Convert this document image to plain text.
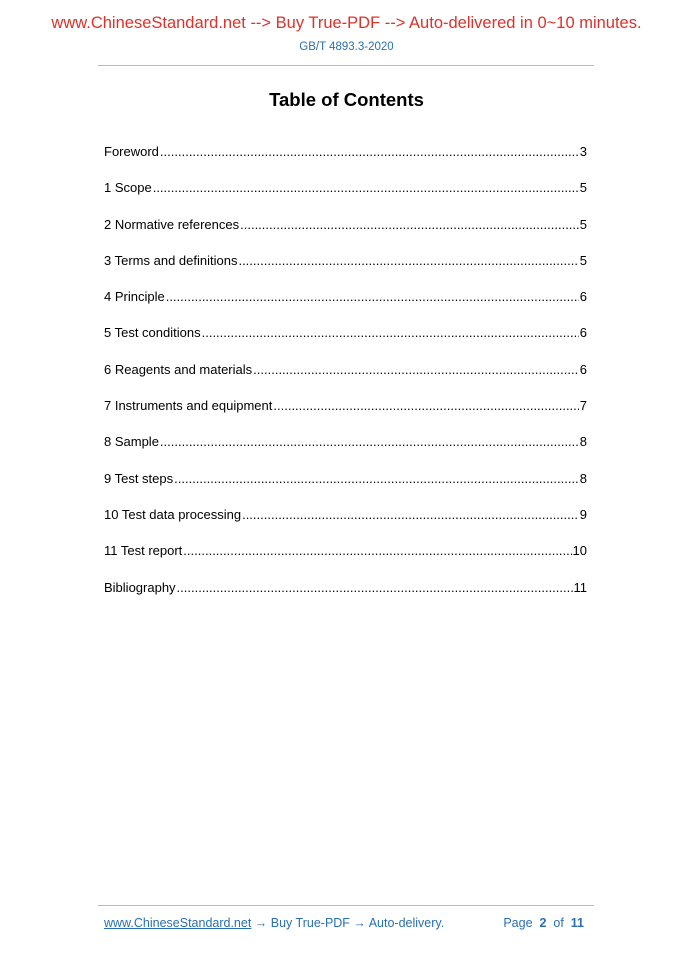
www.ChineseStandard.net --> Buy True-PDF --> Auto-delivered in 0~10 minutes.
GB/T 4893.3-2020
Table of Contents
Foreword .....	3
1 Scope .....	5
2 Normative references .....	5
3 Terms and definitions .....	5
4 Principle .....	6
5 Test conditions .....	6
6 Reagents and materials .....	6
7 Instruments and equipment .....	7
8 Sample .....	8
9 Test steps .....	8
10 Test data processing .....	9
11 Test report .....	10
Bibliography .....	11
www.ChineseStandard.net → Buy True-PDF → Auto-delivery.	Page 2 of 11
